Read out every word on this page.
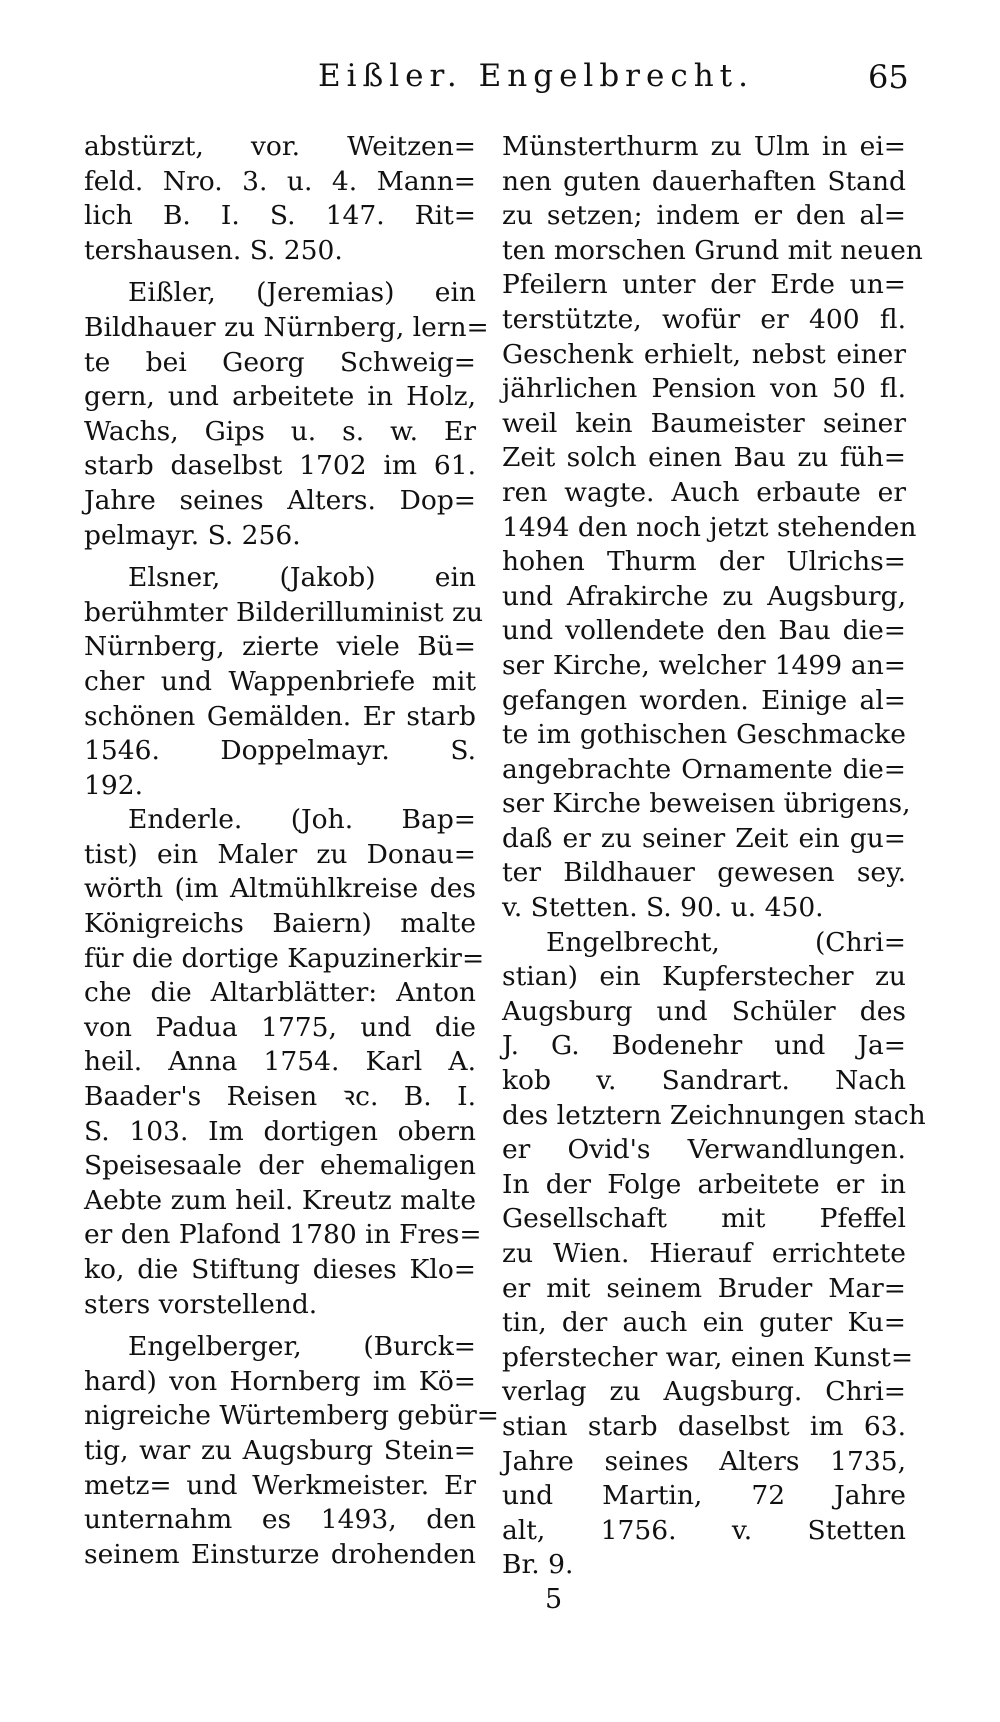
Eißler. Engelbrecht.	65
abstürzt, vor. Weitzen=
feld. Nro. 3. u. 4. Mann=
lich B. I. S. 147. Rit=
tershausen. S. 250.
Eißler, (Jeremias) ein
Bildhauer zu Nürnberg, lern=
te bei Georg Schweig=
gern, und arbeitete in Holz,
Wachs, Gips u. s. w. Er
starb daselbst 1702 im 61.
Jahre seines Alters. Dop=
pelmayr. S. 256.
Elsner, (Jakob) ein
berühmter Bilderilluminist zu
Nürnberg, zierte viele Bü=
cher und Wappenbriefe mit
schönen Gemälden. Er starb
1546. Doppelmayr. S.
192.
Enderle. (Joh. Bap=
tist) ein Maler zu Donau=
wörth (im Altmühlkreise des
Königreichs Baiern) malte
für die dortige Kapuzinerkir=
che die Altarblätter: Anton
von Padua 1775, und die
heil. Anna 1754. Karl A.
Baader's Reisen ꝛc. B. I.
S. 103. Im dortigen obern
Speisesaale der ehemaligen
Aebte zum heil. Kreutz malte
er den Plafond 1780 in Fres=
ko, die Stiftung dieses Klo=
sters vorstellend.
Engelberger, (Burck=
hard) von Hornberg im Kö=
nigreiche Würtemberg gebür=
tig, war zu Augsburg Stein=
metz= und Werkmeister. Er
unternahm es 1493, den
seinem Einsturze drohenden
Münsterthurm zu Ulm in ei=
nen guten dauerhaften Stand
zu setzen; indem er den al=
ten morschen Grund mit neuen
Pfeilern unter der Erde un=
terstützte, wofür er 400 fl.
Geschenk erhielt, nebst einer
jährlichen Pension von 50 fl.
weil kein Baumeister seiner
Zeit solch einen Bau zu füh=
ren wagte. Auch erbaute er
1494 den noch jetzt stehenden
hohen Thurm der Ulrichs=
und Afrakirche zu Augsburg,
und vollendete den Bau die=
ser Kirche, welcher 1499 an=
gefangen worden. Einige al=
te im gothischen Geschmacke
angebrachte Ornamente die=
ser Kirche beweisen übrigens,
daß er zu seiner Zeit ein gu=
ter Bildhauer gewesen sey.
v. Stetten. S. 90. u. 450.
Engelbrecht, (Chri=
stian) ein Kupferstecher zu
Augsburg und Schüler des
J. G. Bodenehr und Ja=
kob v. Sandrart. Nach
des letztern Zeichnungen stach
er Ovid's Verwandlungen.
In der Folge arbeitete er in
Gesellschaft mit Pfeffel
zu Wien. Hierauf errichtete
er mit seinem Bruder Mar=
tin, der auch ein guter Ku=
pferstecher war, einen Kunst=
verlag zu Augsburg. Chri=
stian starb daselbst im 63.
Jahre seines Alters 1735,
und Martin, 72 Jahre
alt, 1756. v. Stetten
Br. 9.
5
